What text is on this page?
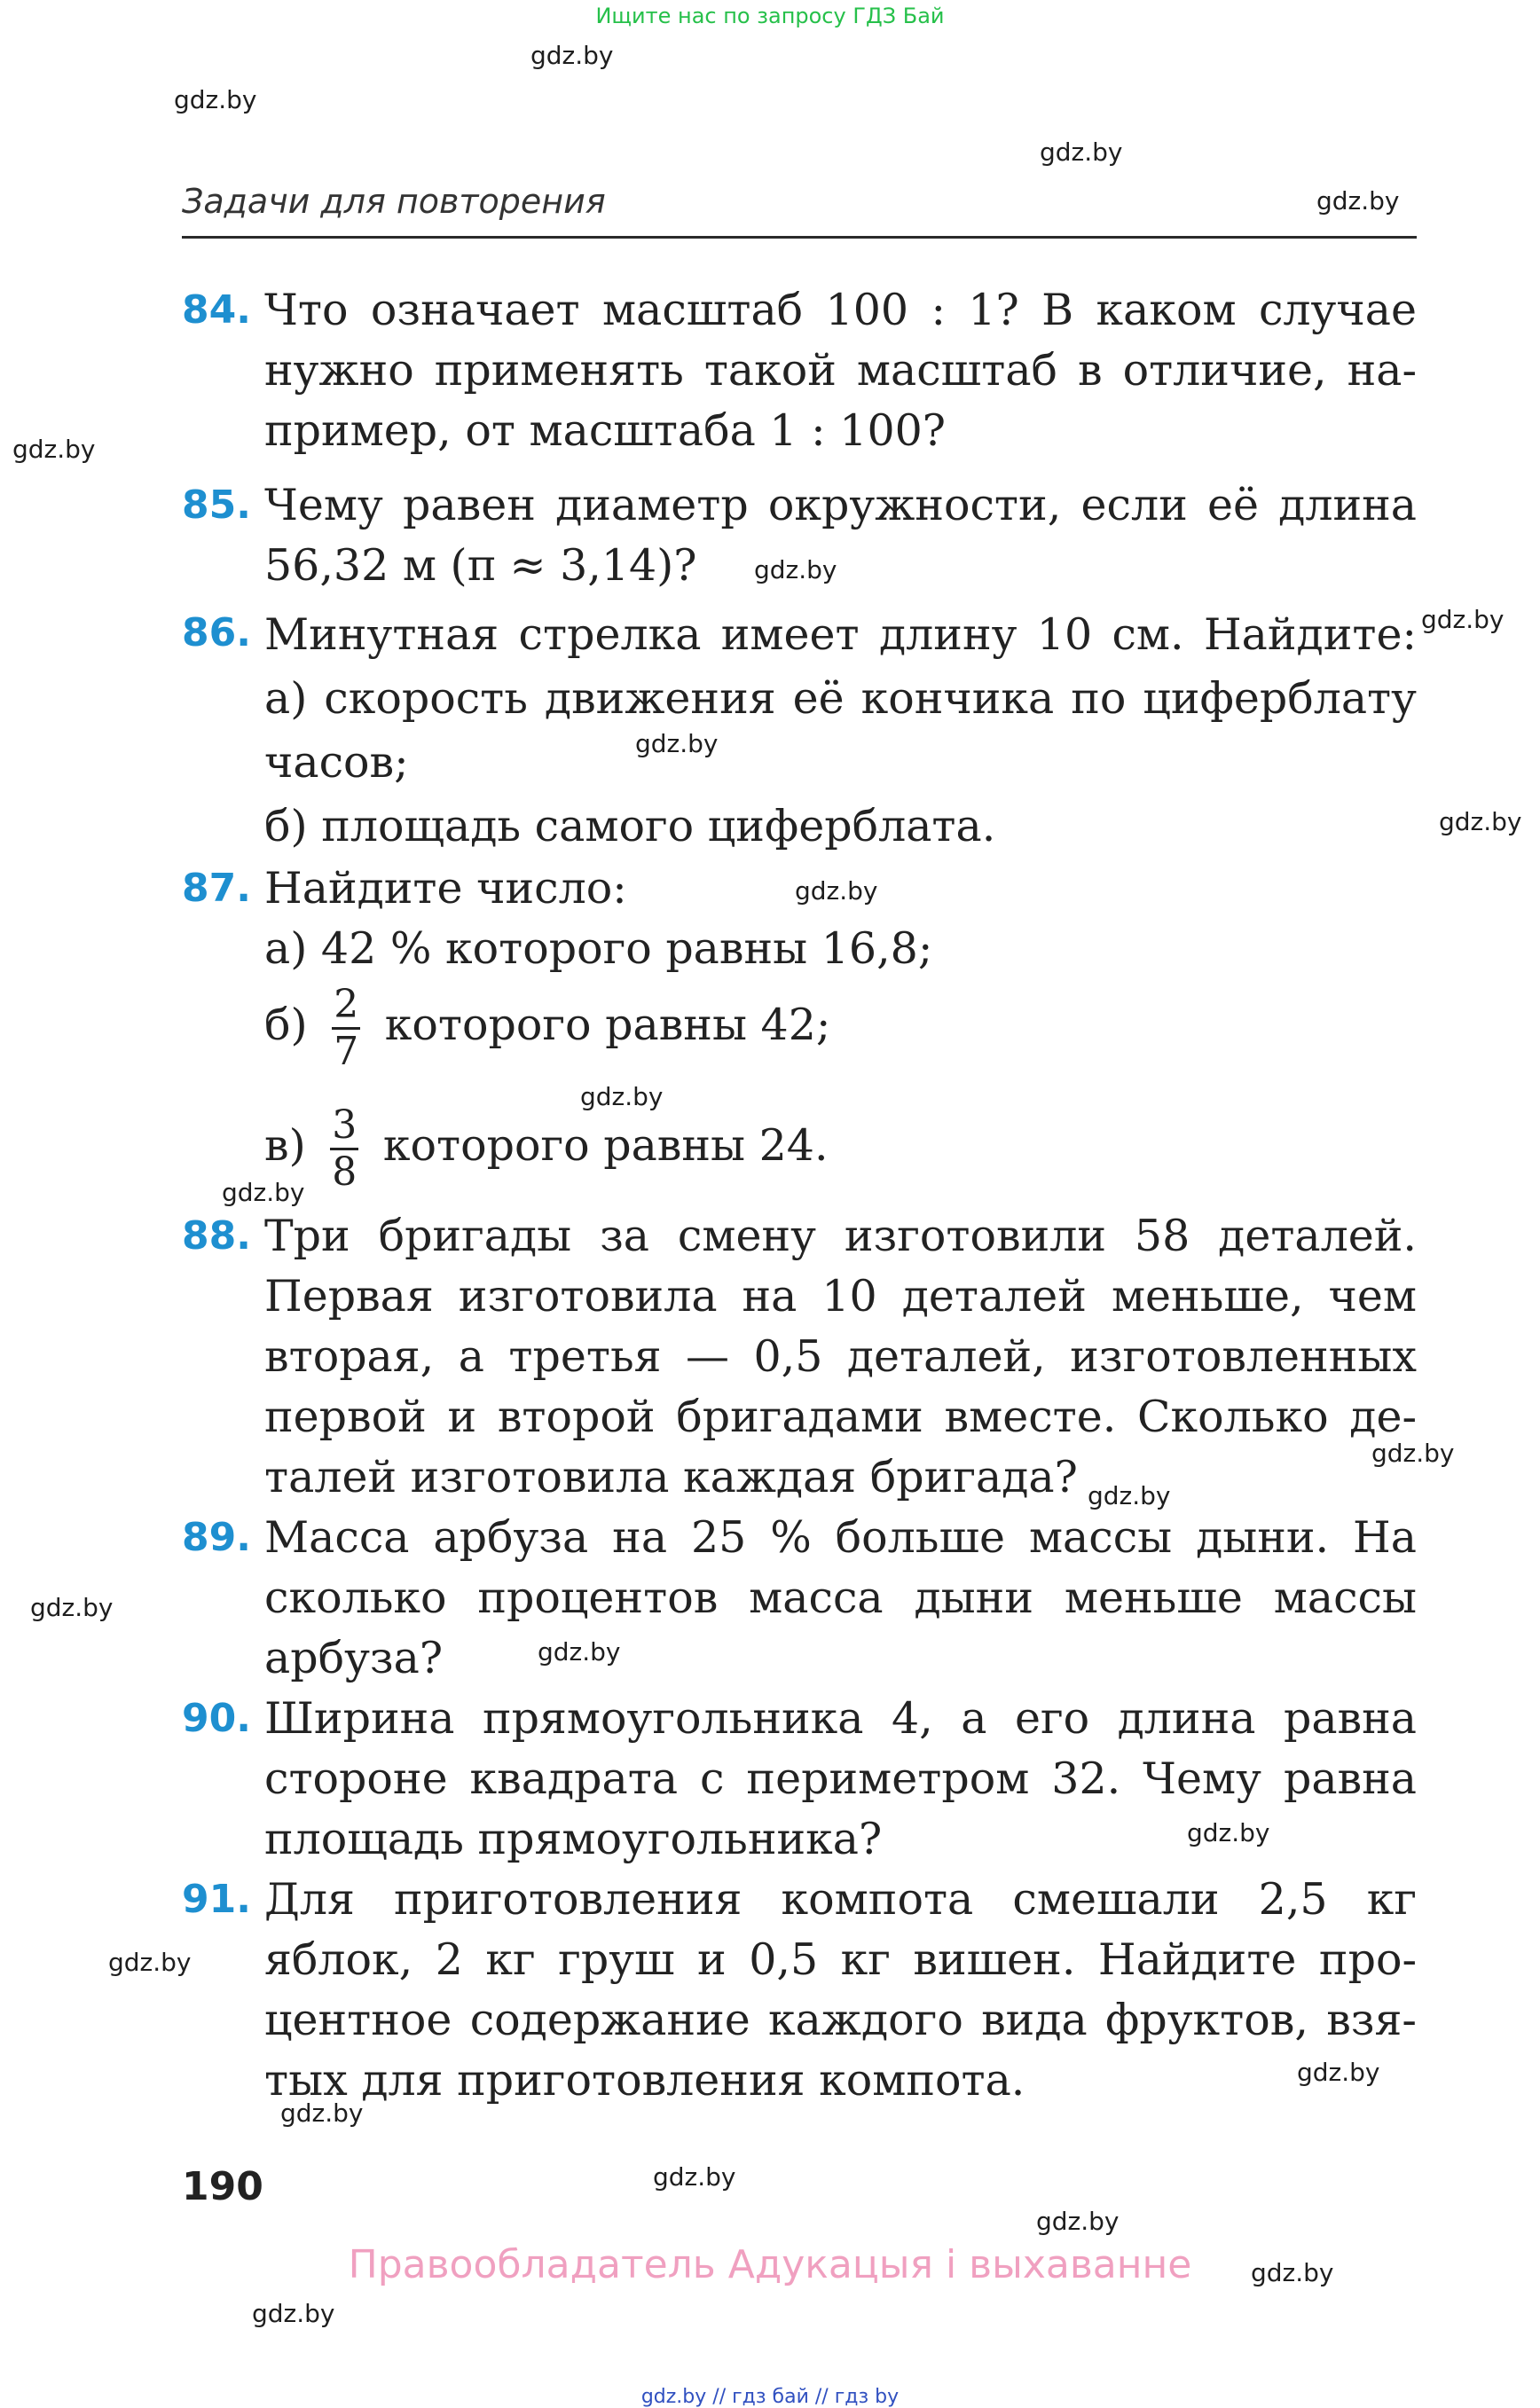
Ищите нас по запросу ГДЗ Бай
gdz.by
gdz.by
gdz.by
gdz.by
gdz.by
gdz.by
gdz.by
gdz.by
gdz.by
gdz.by
gdz.by
gdz.by
gdz.by
gdz.by
gdz.by
gdz.by
gdz.by
gdz.by
gdz.by
gdz.by
gdz.by
gdz.by
gdz.by
gdz.by
Задачи для повторения
84. Что означает масштаб 100 : 1? В каком случае
нужно применять такой масштаб в отличие, на-
пример, от масштаба 1 : 100?
85. Чему равен диаметр окружности, если её длина
56,32 м (π ≈ 3,14)?
86. Минутная стрелка имеет длину 10 см. Найдите:
а) скорость движения её кончика по циферблату
часов;
б) площадь самого циферблата.
87. Найдите число:
а) 42 % которого равны 16,8;
$б) \frac{2}{7}$ которого равны 42;
$в) \frac{3}{8}$ которого равны 24.
88. Три бригады за смену изготовили 58 деталей.
Первая изготовила на 10 деталей меньше, чем
вторая, а третья — 0,5 деталей, изготовленных
первой и второй бригадами вместе. Сколько де-
талей изготовила каждая бригада?
89. Масса арбуза на 25 % больше массы дыни. На
сколько процентов масса дыни меньше массы
арбуза?
90. Ширина прямоугольника 4, а его длина равна
стороне квадрата с периметром 32. Чему равна
площадь прямоугольника?
91. Для приготовления компота смешали 2,5 кг
яблок, 2 кг груш и 0,5 кг вишен. Найдите про-
центное содержание каждого вида фруктов, взя-
тых для приготовления компота.
190
Правообладатель Адукацыя і выхаванне
gdz.by // гдз бай // гдз by
